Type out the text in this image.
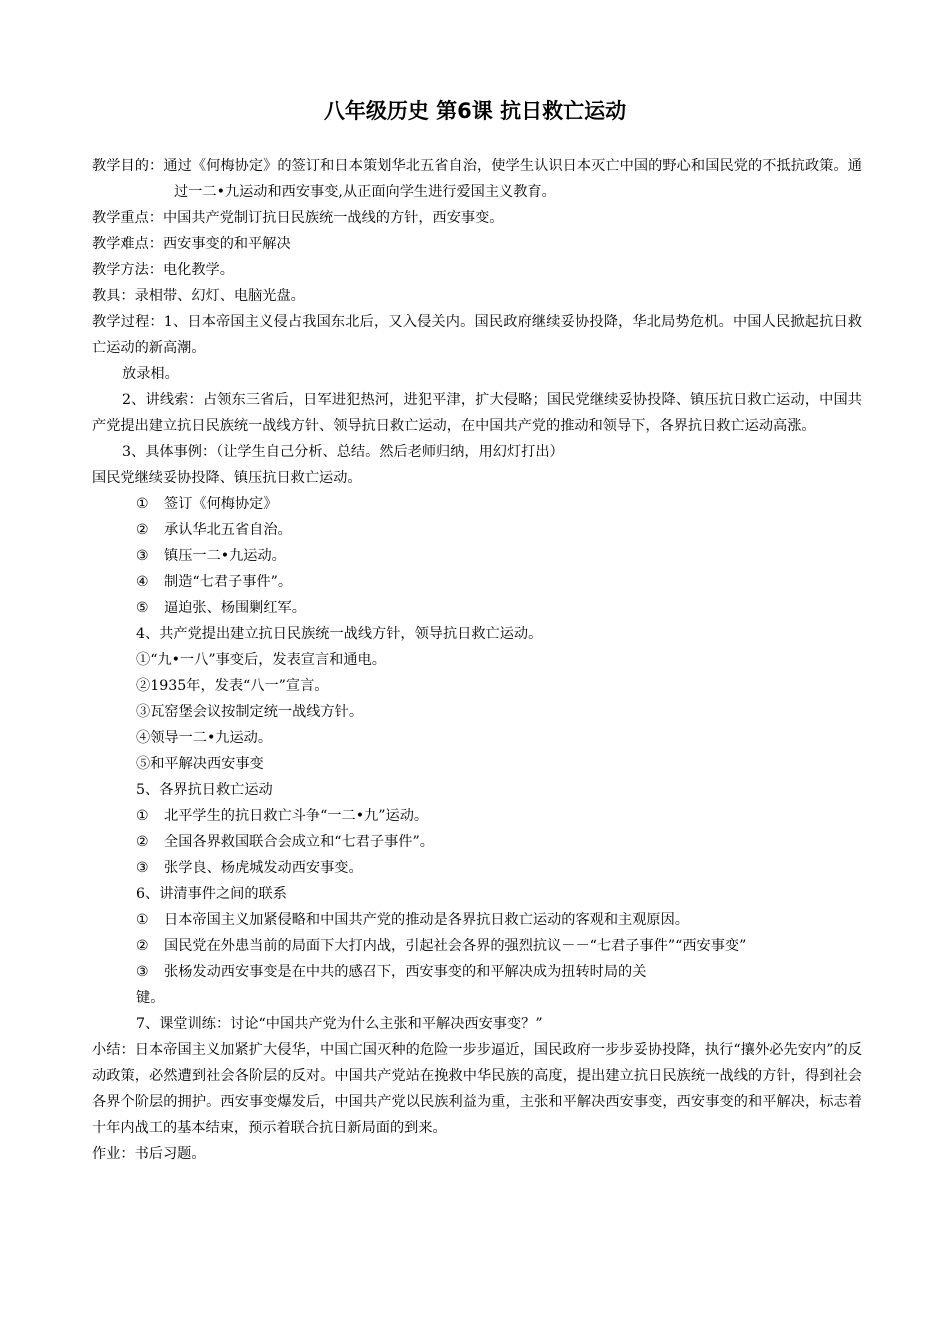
八年级历史 第6课 抗日救亡运动

教学目的：通过《何梅协定》的签订和日本策划华北五省自治，使学生认识日本灭亡中国的野心和国民党的不抵抗政策。通过一二•九运动和西安事变,从正面向学生进行爱国主义教育。

教学重点：中国共产党制订抗日民族统一战线的方针，西安事变。

教学难点：西安事变的和平解决

教学方法：电化教学。

教具：录相带、幻灯、电脑光盘。

教学过程：1、日本帝国主义侵占我国东北后，又入侵关内。国民政府继续妥协投降，华北局势危机。中国人民掀起抗日救亡运动的新高潮。

放录相。

2、讲线索：占领东三省后，日军进犯热河，进犯平津，扩大侵略；国民党继续妥协投降、镇压抗日救亡运动，中国共产党提出建立抗日民族统一战线方针、领导抗日救亡运动，在中国共产党的推动和领导下，各界抗日救亡运动高涨。

3、具体事例：（让学生自己分析、总结。然后老师归纳，用幻灯打出）

国民党继续妥协投降、镇压抗日救亡运动。

①	签订《何梅协定》
②	承认华北五省自治。
③	镇压一二•九运动。
④	制造“七君子事件”。
⑤	逼迫张、杨围剿红军。

4、共产党提出建立抗日民族统一战线方针，领导抗日救亡运动。

①“九•一八”事变后，发表宣言和通电。

②1935年，发表“八一”宣言。

③瓦窑堡会议按制定统一战线方针。

④领导一二•九运动。

⑤和平解决西安事变

5、各界抗日救亡运动

①	北平学生的抗日救亡斗争“一二•九”运动。
②	全国各界救国联合会成立和“七君子事件”。
③	张学良、杨虎城发动西安事变。

6、讲清事件之间的联系

①	日本帝国主义加紧侵略和中国共产党的推动是各界抗日救亡运动的客观和主观原因。
②	国民党在外患当前的局面下大打内战，引起社会各界的强烈抗议－－“七君子事件”“西安事变”
③	张杨发动西安事变是在中共的感召下，西安事变的和平解决成为扭转时局的关

键。

7、课堂训练：讨论“中国共产党为什么主张和平解决西安事变？”

小结：日本帝国主义加紧扩大侵华，中国亡国灭种的危险一步步逼近，国民政府一步步妥协投降，执行“攘外必先安内”的反动政策，必然遭到社会各阶层的反对。中国共产党站在挽救中华民族的高度，提出建立抗日民族统一战线的方针，得到社会各界个阶层的拥护。西安事变爆发后，中国共产党以民族利益为重，主张和平解决西安事变，西安事变的和平解决，标志着十年内战工的基本结束，预示着联合抗日新局面的到来。

作业：书后习题。
